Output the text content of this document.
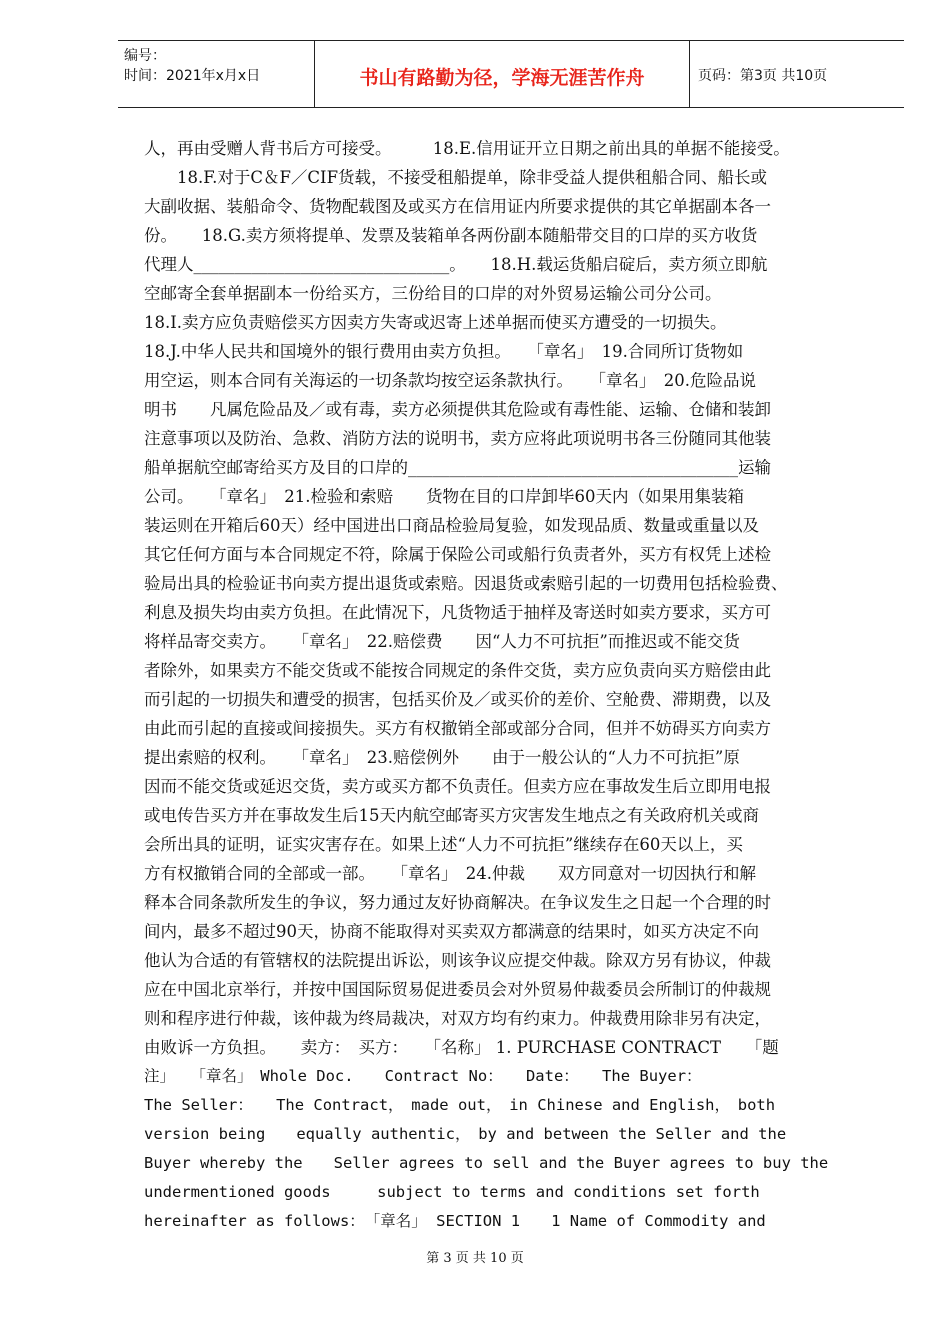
编号：
时间：2021年x月x日	书山有路勤为径，学海无涯苦作舟	页码：第3页 共10页
人，再由受赠人背书后方可接受。　　　18.E.信用证开立日期之前出具的单据不能接受。
　　18.F.对于C＆F／CIF货载，不接受租船提单，除非受益人提供租船合同、船长或
大副收据、装船命令、货物配载图及或买方在信用证内所要求提供的其它单据副本各一
份。　　18.G.卖方须将提单、发票及装箱单各两份副本随船带交目的口岸的买方收货
代理人_______________________________。　　18.H.载运货船启碇后，卖方须立即航
空邮寄全套单据副本一份给买方，三份给目的口岸的对外贸易运输公司分公司。
18.I.卖方应负责赔偿买方因卖方失寄或迟寄上述单据而使买方遭受的一切损失。
18.J.中华人民共和国境外的银行费用由卖方负担。　　「章名」　19.合同所订货物如
用空运，则本合同有关海运的一切条款均按空运条款执行。　　「章名」　20.危险品说
明书　　凡属危险品及／或有毒，卖方必须提供其危险或有毒性能、运输、仓储和装卸
注意事项以及防治、急救、消防方法的说明书，卖方应将此项说明书各三份随同其他装
船单据航空邮寄给买方及目的口岸的________________________________________运输
公司。　　「章名」　21.检验和索赔　　货物在目的口岸卸毕60天内（如果用集装箱
装运则在开箱后60天）经中国进出口商品检验局复验，如发现品质、数量或重量以及
其它任何方面与本合同规定不符，除属于保险公司或船行负责者外，买方有权凭上述检
验局出具的检验证书向卖方提出退货或索赔。因退货或索赔引起的一切费用包括检验费、
利息及损失均由卖方负担。在此情况下，凡货物适于抽样及寄送时如卖方要求，买方可
将样品寄交卖方。　　「章名」　22.赔偿费　　因“人力不可抗拒”而推迟或不能交货
者除外，如果卖方不能交货或不能按合同规定的条件交货，卖方应负责向买方赔偿由此
而引起的一切损失和遭受的损害，包括买价及／或买价的差价、空舱费、滞期费，以及
由此而引起的直接或间接损失。买方有权撤销全部或部分合同，但并不妨碍买方向卖方
提出索赔的权利。　　「章名」　23.赔偿例外　　由于一般公认的“人力不可抗拒”原
因而不能交货或延迟交货，卖方或买方都不负责任。但卖方应在事故发生后立即用电报
或电传告买方并在事故发生后15天内航空邮寄买方灾害发生地点之有关政府机关或商
会所出具的证明，证实灾害存在。如果上述“人力不可抗拒”继续存在60天以上，买
方有权撤销合同的全部或一部。　　「章名」　24.仲裁　　双方同意对一切因执行和解
释本合同条款所发生的争议，努力通过友好协商解决。在争议发生之日起一个合理的时
间内，最多不超过90天，协商不能取得对买卖双方都满意的结果时，如买方决定不向
他认为合适的有管辖权的法院提出诉讼，则该争议应提交仲裁。除双方另有协议，仲裁
应在中国北京举行，并按中国国际贸易促进委员会对外贸易仲裁委员会所制订的仲裁规
则和程序进行仲裁，该仲裁为终局裁决，对双方均有约束力。仲裁费用除非另有决定，
由败诉一方负担。　　卖方：　买方：　　「名称」 1. PURCHASE CONTRACT　　「题
注」　　「章名」　Whole Doc.　　Contract No：　　Date：　　The Buyer：
The Seller：　　The Contract，　made out，　in Chinese and English，　both
version being　　equally authentic，　by and between the Seller and the
Buyer whereby the　　Seller agrees to sell and the Buyer agrees to buy the
undermentioned goods　　　subject to terms and conditions set forth
hereinafter as follows：　「章名」 SECTION 1　　1 Name of Commodity and
第 3 页 共 10 页
